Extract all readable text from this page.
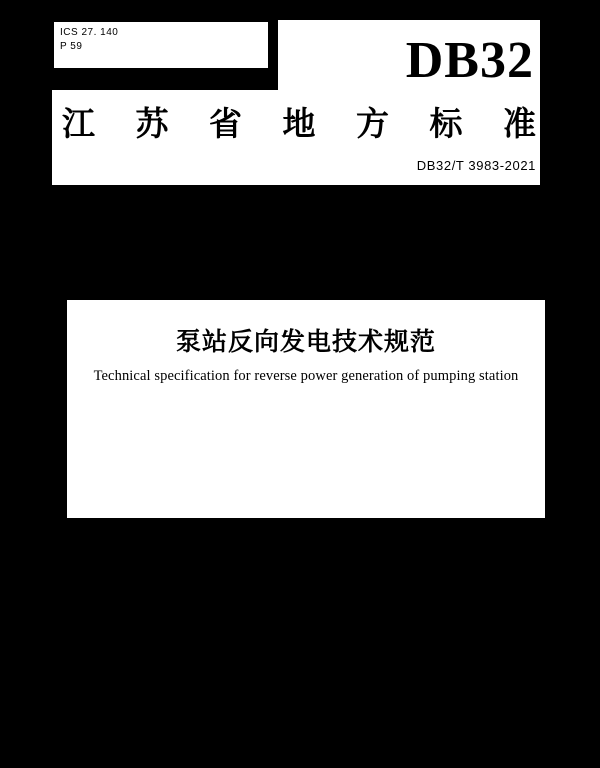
ICS 27. 140
P 59	DB32
江 苏 省 地 方 标 准
DB32/T 3983-2021
泵站反向发电技术规范
Technical specification for reverse power generation of pumping station
